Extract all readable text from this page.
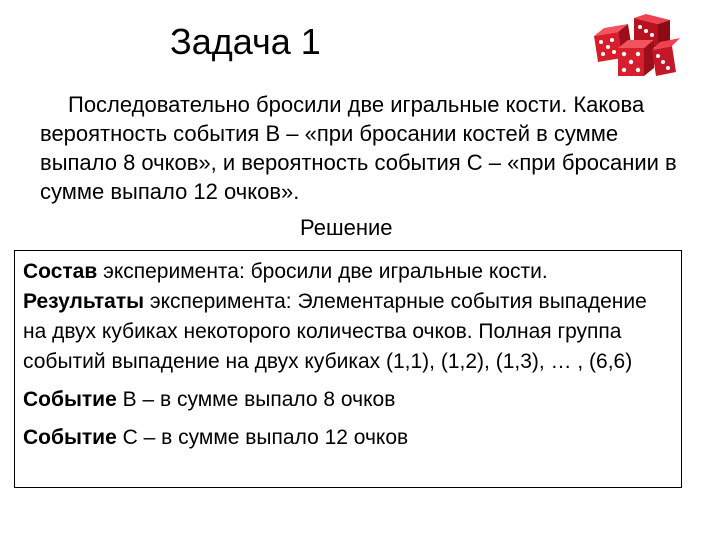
Задача 1

Последовательно бросили две игральные кости. Какова вероятность события В – «при бросании костей в сумме выпало 8 очков», и вероятность события С – «при бросании в сумме выпало 12 очков».

Решение

Состав эксперимента: бросили две игральные кости.

Результаты эксперимента: Элементарные события выпадение на двух кубиках некоторого количества очков. Полная группа событий выпадение на двух кубиках (1,1), (1,2), (1,3), … , (6,6)

Событие В – в сумме выпало 8 очков

Событие С – в сумме выпало 12 очков
